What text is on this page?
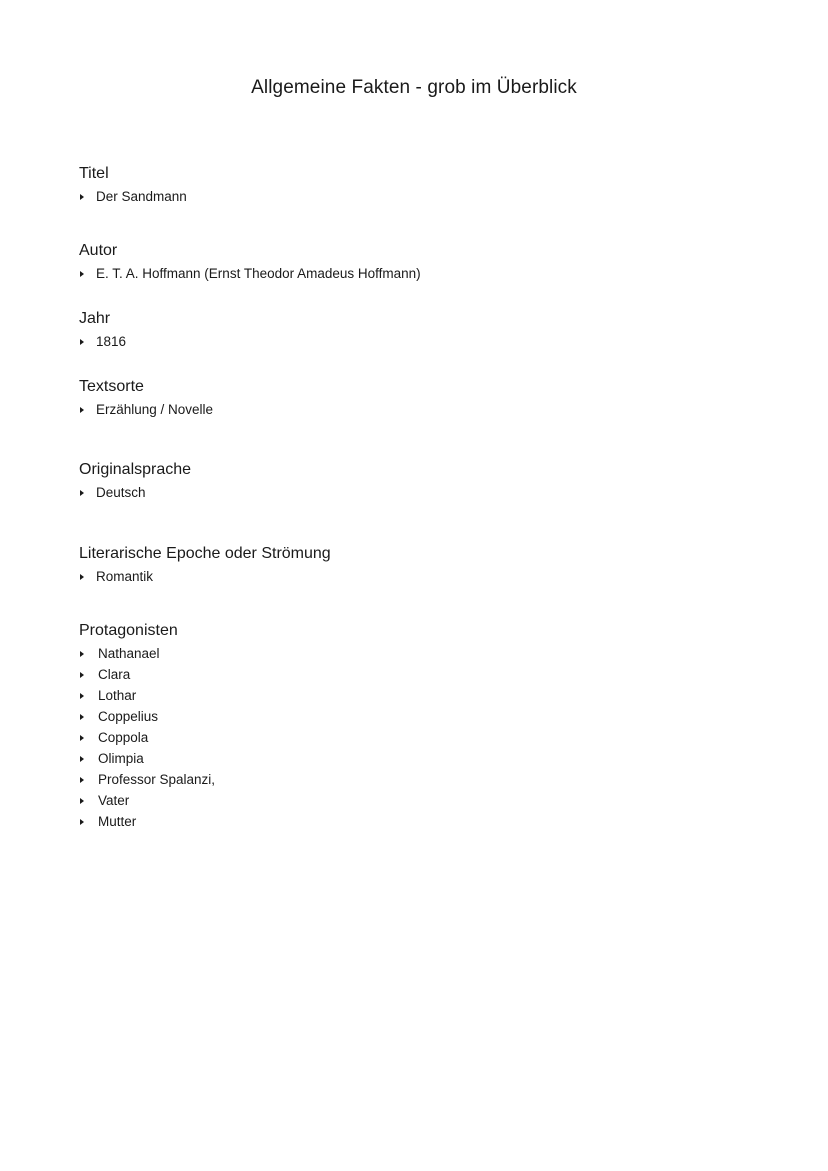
Allgemeine Fakten - grob im Überblick
Titel
Der Sandmann
Autor
E. T. A. Hoffmann (Ernst Theodor Amadeus Hoffmann)
Jahr
1816
Textsorte
Erzählung / Novelle
Originalsprache
Deutsch
Literarische Epoche oder Strömung
Romantik
Protagonisten
Nathanael
Clara
Lothar
Coppelius
Coppola
Olimpia
Professor Spalanzi,
Vater
Mutter
